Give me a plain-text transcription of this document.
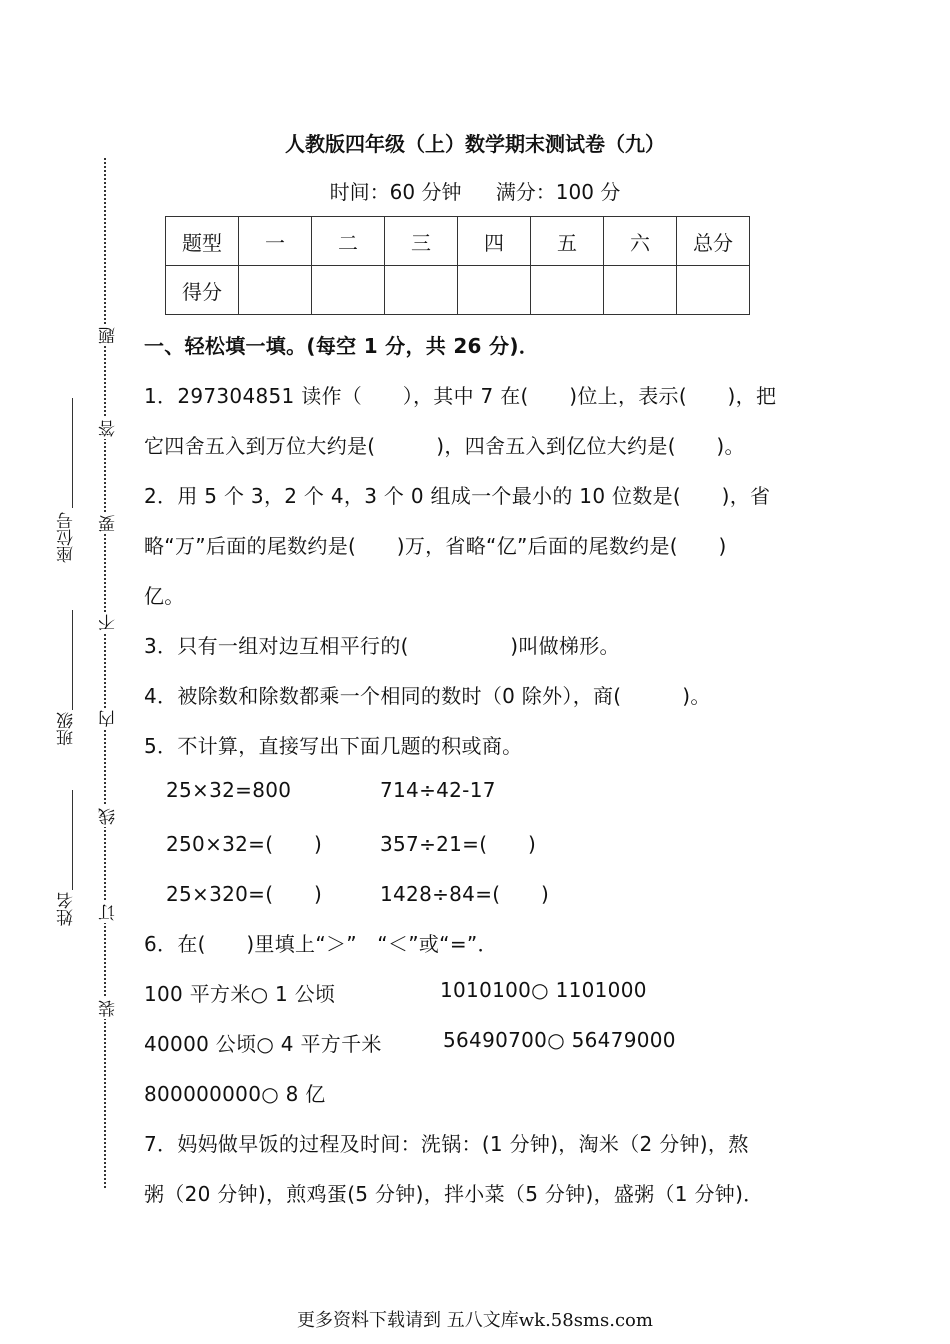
题
答
要
不
内
线
订
装
座位号
班级
姓名
人教版四年级（上）数学期末测试卷（九）
时间：60 分钟 满分：100 分
题型	一	二	三	四	五	六	总分
得分							
一、轻松填一填。(每空 1 分，共 26 分)．
1．297304851 读作（　　），其中 7 在(　　)位上，表示(　　)，把
它四舍五入到万位大约是(　　　)，四舍五入到亿位大约是(　　)。
2．用 5 个 3，2 个 4，3 个 0 组成一个最小的 10 位数是(　　)，省
略“万”后面的尾数约是(　　)万，省略“亿”后面的尾数约是(　　)
亿。
3．只有一组对边互相平行的(　　　　　)叫做梯形。
4．被除数和除数都乘一个相同的数时（0 除外），商(　　　)。
5．不计算，直接写出下面几题的积或商。
25×32=800	714÷42-17
250×32=(　　)	357÷21=(　　)
25×320=(　　)	1428÷84=(　　)
6．在(　　)里填上“＞”　“＜”或“=”．
100 平方米○ 1 公顷	1010100○ 1101000
40000 公顷○ 4 平方千米	56490700○ 56479000
800000000○ 8 亿
7．妈妈做早饭的过程及时间：洗锅：(1 分钟)，淘米（2 分钟)，熬
粥（20 分钟)，煎鸡蛋(5 分钟)，拌小菜（5 分钟)，盛粥（1 分钟)．
更多资料下载请到 五八文库wk.58sms.com
